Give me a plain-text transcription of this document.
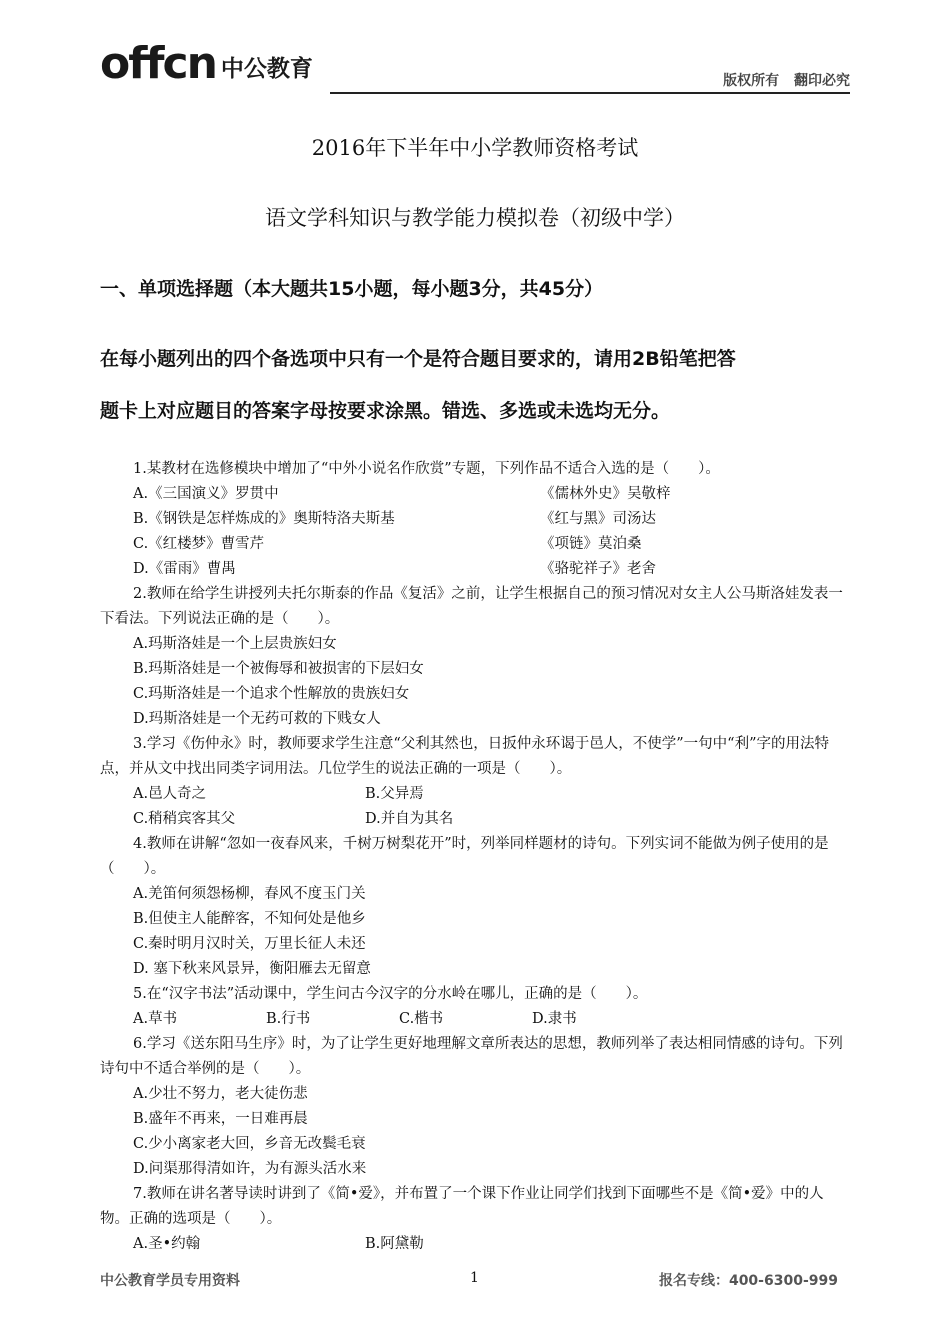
offcn 中公教育	版权所有 翻印必究
2016年下半年中小学教师资格考试
语文学科知识与教学能力模拟卷（初级中学）
一、单项选择题（本大题共15小题，每小题3分，共45分）
在每小题列出的四个备选项中只有一个是符合题目要求的，请用2B铅笔把答
题卡上对应题目的答案字母按要求涂黑。错选、多选或未选均无分。
1.某教材在选修模块中增加了“中外小说名作欣赏”专题，下列作品不适合入选的是（　　）。
A.《三国演义》罗贯中	《儒林外史》吴敬梓
B.《钢铁是怎样炼成的》奥斯特洛夫斯基	《红与黑》司汤达
C.《红楼梦》曹雪芹	《项链》莫泊桑
D.《雷雨》曹禺	《骆驼祥子》老舍
2.教师在给学生讲授列夫托尔斯泰的作品《复活》之前，让学生根据自己的预习情况对女主人公马斯洛娃发表一下看法。下列说法正确的是（　　）。
A.玛斯洛娃是一个上层贵族妇女
B.玛斯洛娃是一个被侮辱和被损害的下层妇女
C.玛斯洛娃是一个追求个性解放的贵族妇女
D.玛斯洛娃是一个无药可救的下贱女人
3.学习《伤仲永》时，教师要求学生注意“父利其然也，日扳仲永环谒于邑人，不使学”一句中“利”字的用法特点，并从文中找出同类字词用法。几位学生的说法正确的一项是（　　）。
A.邑人奇之	B.父异焉
C.稍稍宾客其父	D.并自为其名
4.教师在讲解“忽如一夜春风来，千树万树梨花开”时，列举同样题材的诗句。下列实词不能做为例子使用的是（　　）。
A.羌笛何须怨杨柳，春风不度玉门关
B.但使主人能醉客，不知何处是他乡
C.秦时明月汉时关，万里长征人未还
D. 塞下秋来风景异，衡阳雁去无留意
5.在“汉字书法”活动课中，学生问古今汉字的分水岭在哪儿，正确的是（　　）。
A.草书	B.行书	C.楷书	D.隶书
6.学习《送东阳马生序》时，为了让学生更好地理解文章所表达的思想，教师列举了表达相同情感的诗句。下列诗句中不适合举例的是（　　）。
A.少壮不努力，老大徒伤悲
B.盛年不再来，一日难再晨
C.少小离家老大回，乡音无改鬓毛衰
D.问渠那得清如许，为有源头活水来
7.教师在讲名著导读时讲到了《简•爱》，并布置了一个课下作业让同学们找到下面哪些不是《简•爱》中的人物。正确的选项是（　　）。
A.圣•约翰	B.阿黛勒
中公教育学员专用资料	1	报名专线：400-6300-999
